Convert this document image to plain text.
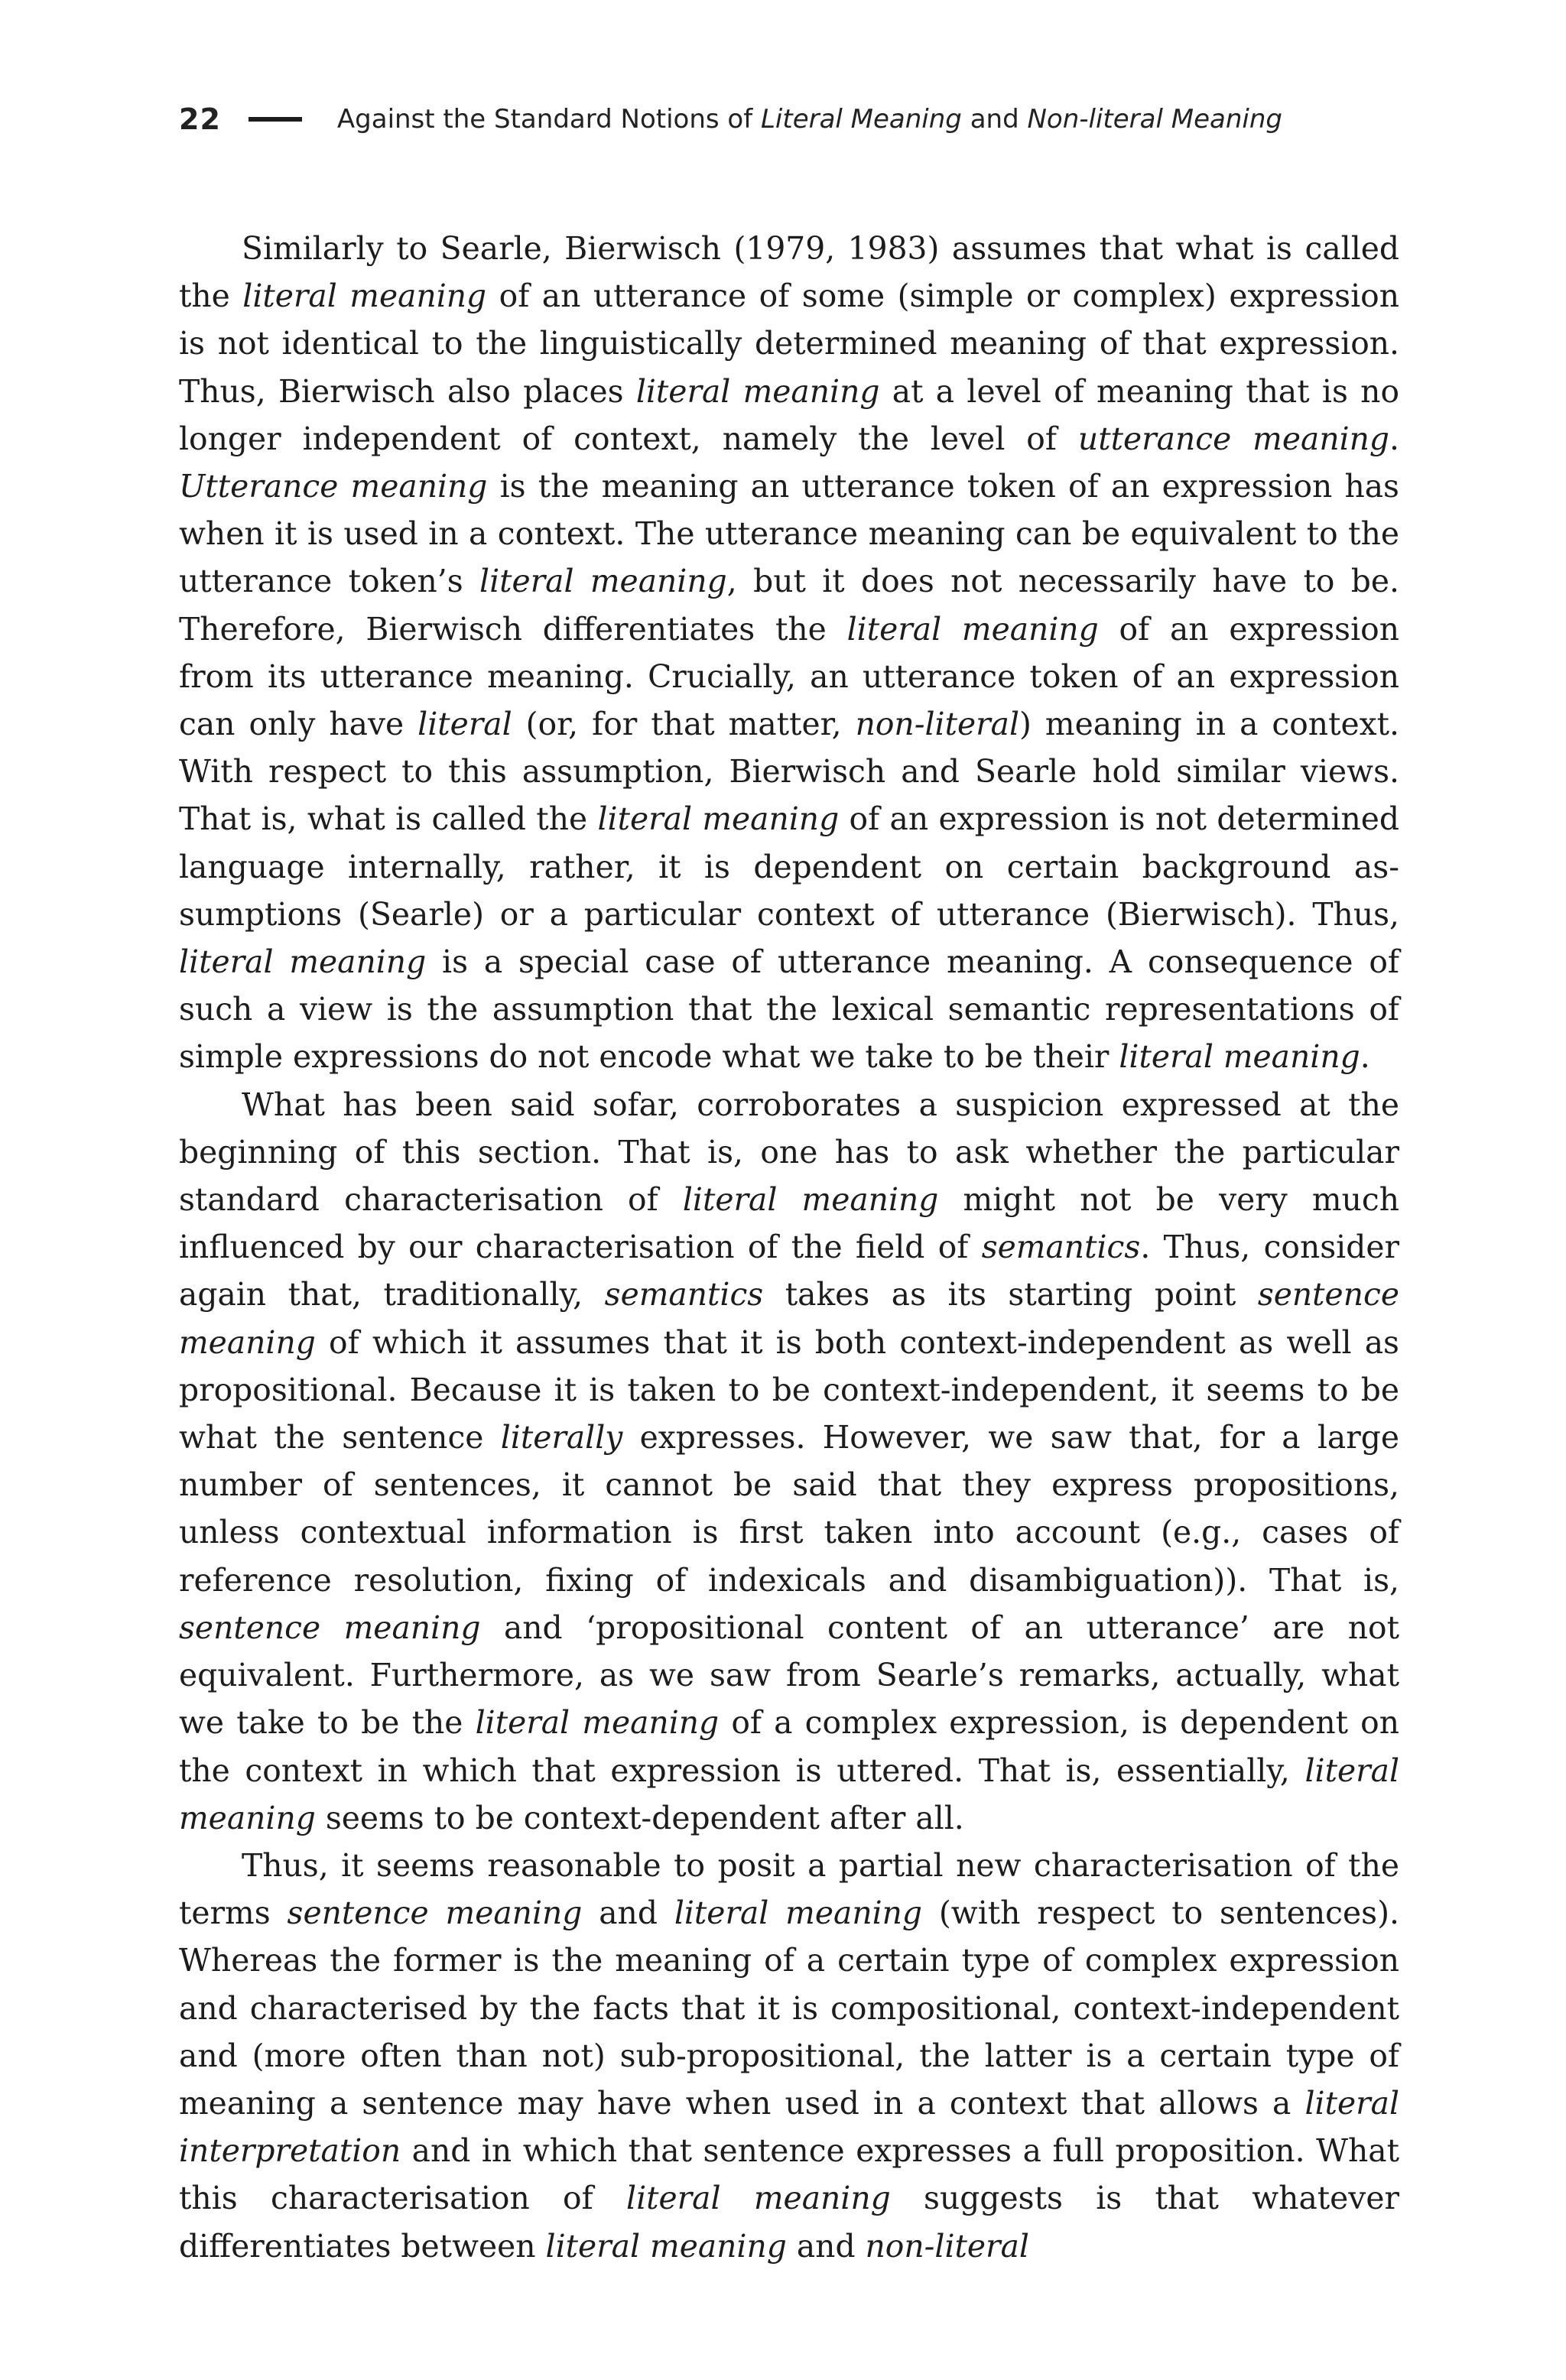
22	Against the Standard Notions of Literal Meaning and Non-literal Meaning

Similarly to Searle, Bierwisch (1979, 1983) assumes that what is called the literal meaning of an utterance of some (simple or complex) expression is not identical to the linguistically determined meaning of that expression. Thus, Bierwisch also places literal meaning at a level of meaning that is no longer independent of context, namely the level of utterance meaning. Utterance meaning is the meaning an utterance token of an expression has when it is used in a context. The utterance meaning can be equivalent to the utterance token’s literal meaning, but it does not necessarily have to be. Therefore, Bierwisch differentiates the literal meaning of an expression from its utterance meaning. Crucially, an utterance token of an expression can only have literal (or, for that matter, non-literal) meaning in a context. With respect to this assumption, Bierwisch and Searle hold similar views. That is, what is called the literal meaning of an expression is not determined language internally, rather, it is dependent on certain background assumptions (Searle) or a particular context of utterance (Bierwisch). Thus, literal meaning is a special case of utterance meaning. A consequence of such a view is the assumption that the lexical semantic representations of simple expressions do not encode what we take to be their literal meaning.

What has been said sofar, corroborates a suspicion expressed at the beginning of this section. That is, one has to ask whether the particular standard characterisation of literal meaning might not be very much influenced by our characterisation of the field of semantics. Thus, consider again that, traditionally, semantics takes as its starting point sentence meaning of which it assumes that it is both context-independent as well as propositional. Because it is taken to be context-independent, it seems to be what the sentence literally expresses. However, we saw that, for a large number of sentences, it cannot be said that they express propositions, unless contextual information is first taken into account (e.g., cases of reference resolution, fixing of indexicals and disambiguation)). That is, sentence meaning and ‘propositional content of an utterance’ are not equivalent. Furthermore, as we saw from Searle’s remarks, actually, what we take to be the literal meaning of a complex expression, is dependent on the context in which that expression is uttered. That is, essentially, literal meaning seems to be context-dependent after all.

Thus, it seems reasonable to posit a partial new characterisation of the terms sentence meaning and literal meaning (with respect to sentences). Whereas the former is the meaning of a certain type of complex expression and characterised by the facts that it is compositional, context-independent and (more often than not) sub-propositional, the latter is a certain type of meaning a sentence may have when used in a context that allows a literal interpretation and in which that sentence expresses a full proposition. What this characterisation of literal meaning suggests is that whatever differentiates between literal meaning and non-literal
